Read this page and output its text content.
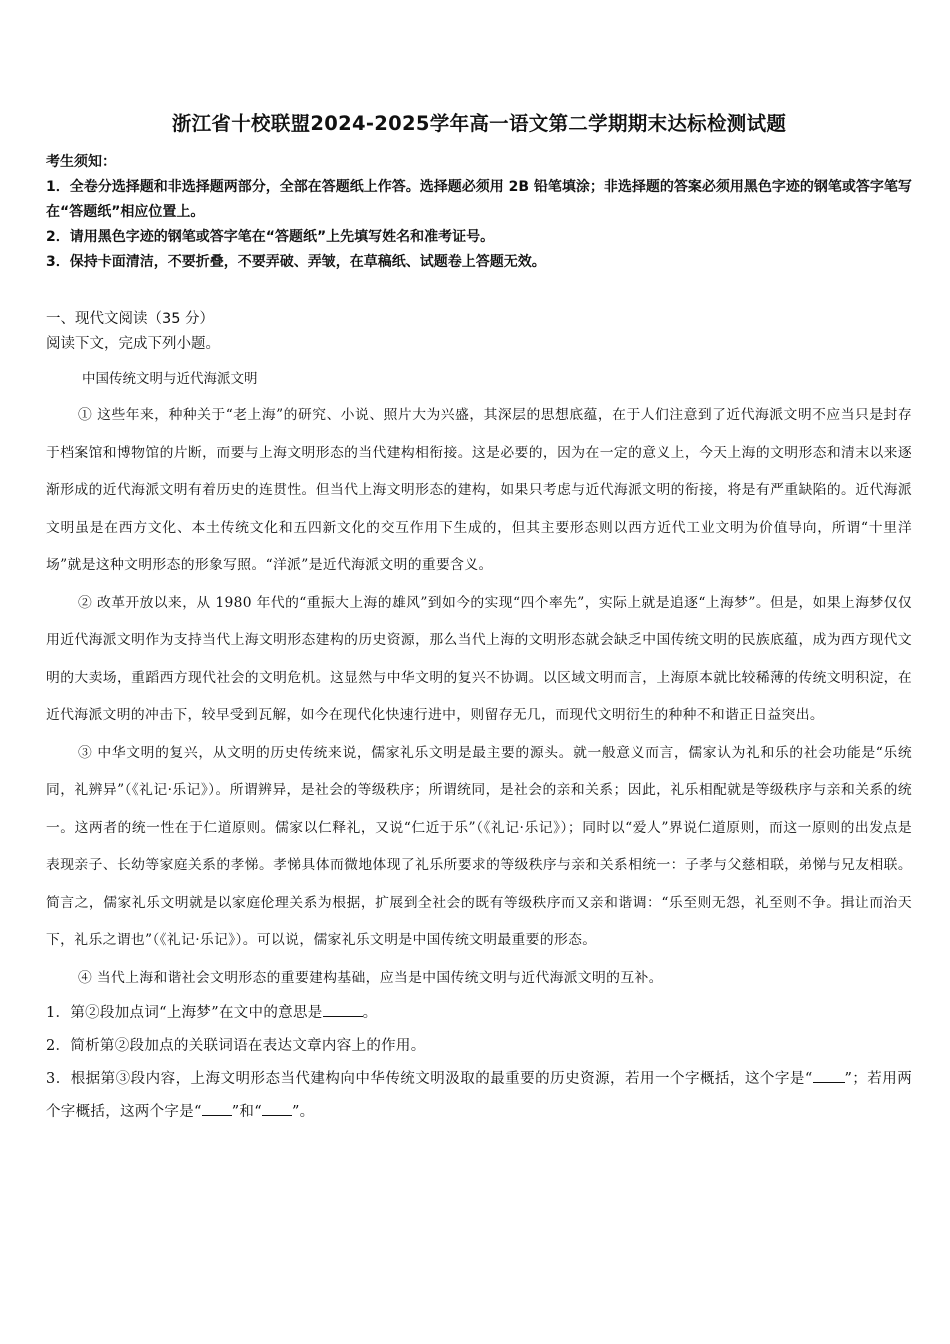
浙江省十校联盟2024-2025学年高一语文第二学期期末达标检测试题

考生须知：

1．全卷分选择题和非选择题两部分，全部在答题纸上作答。选择题必须用 2B 铅笔填涂；非选择题的答案必须用黑色字迹的钢笔或答字笔写在“答题纸”相应位置上。

2．请用黑色字迹的钢笔或答字笔在“答题纸”上先填写姓名和准考证号。

3．保持卡面清洁，不要折叠，不要弄破、弄皱，在草稿纸、试题卷上答题无效。

一、现代文阅读（35 分）
阅读下文，完成下列小题。
中国传统文明与近代海派文明

① 这些年来，种种关于“老上海”的研究、小说、照片大为兴盛，其深层的思想底蕴，在于人们注意到了近代海派文明不应当只是封存于档案馆和博物馆的片断，而要与上海文明形态的当代建构相衔接。这是必要的，因为在一定的意义上，今天上海的文明形态和清末以来逐渐形成的近代海派文明有着历史的连贯性。但当代上海文明形态的建构，如果只考虑与近代海派文明的衔接，将是有严重缺陷的。近代海派文明虽是在西方文化、本土传统文化和五四新文化的交互作用下生成的，但其主要形态则以西方近代工业文明为价值导向，所谓“十里洋场”就是这种文明形态的形象写照。“洋派”是近代海派文明的重要含义。

② 改革开放以来，从 1980 年代的“重振大上海的雄风”到如今的实现“四个率先”，实际上就是追逐“上海梦”。但是，如果上海梦仅仅用近代海派文明作为支持当代上海文明形态建构的历史资源，那么当代上海的文明形态就会缺乏中国传统文明的民族底蕴，成为西方现代文明的大卖场，重蹈西方现代社会的文明危机。这显然与中华文明的复兴不协调。以区域文明而言，上海原本就比较稀薄的传统文明积淀，在近代海派文明的冲击下，较早受到瓦解，如今在现代化快速行进中，则留存无几，而现代文明衍生的种种不和谐正日益突出。

③ 中华文明的复兴，从文明的历史传统来说，儒家礼乐文明是最主要的源头。就一般意义而言，儒家认为礼和乐的社会功能是“乐统同，礼辨异”（《礼记·乐记》）。所谓辨异，是社会的等级秩序；所谓统同，是社会的亲和关系；因此，礼乐相配就是等级秩序与亲和关系的统一。这两者的统一性在于仁道原则。儒家以仁释礼，又说“仁近于乐”（《礼记·乐记》）；同时以“爱人”界说仁道原则，而这一原则的出发点是表现亲子、长幼等家庭关系的孝悌。孝悌具体而微地体现了礼乐所要求的等级秩序与亲和关系相统一：子孝与父慈相联，弟悌与兄友相联。简言之，儒家礼乐文明就是以家庭伦理关系为根据，扩展到全社会的既有等级秩序而又亲和谐调：“乐至则无怨，礼至则不争。揖让而治天下，礼乐之谓也”（《礼记·乐记》）。可以说，儒家礼乐文明是中国传统文明最重要的形态。

④ 当代上海和谐社会文明形态的重要建构基础，应当是中国传统文明与近代海派文明的互补。

1．第②段加点词“上海梦”在文中的意思是	。

2．简析第②段加点的关联词语在表达文章内容上的作用。

3．根据第③段内容，上海文明形态当代建构向中华传统文明汲取的最重要的历史资源，若用一个字概括，这个字是“ ”；若用两个字概括，这两个字是“ ”和“ ”。
